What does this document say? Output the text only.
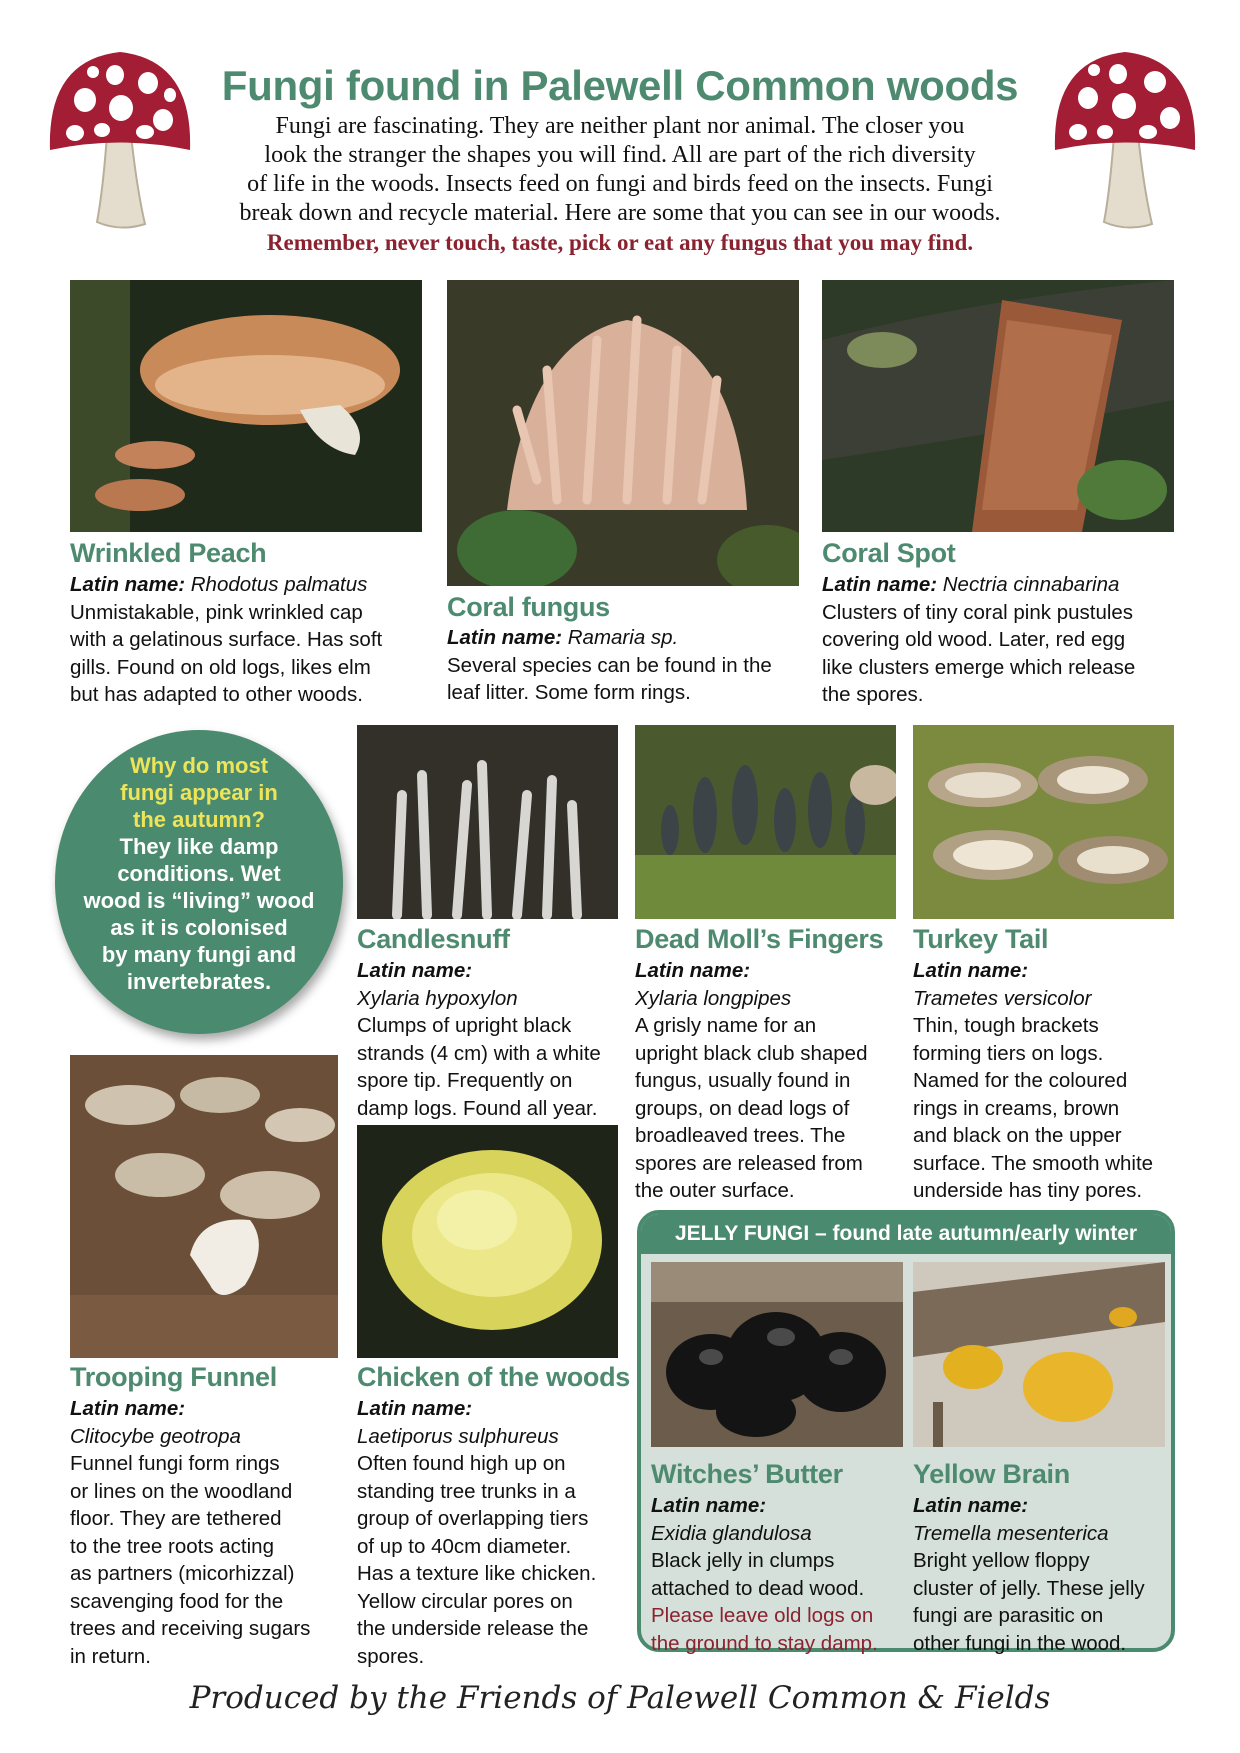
Fungi found in Palewell Common woods
Fungi are fascinating. They are neither plant nor animal. The closer you
look the stranger the shapes you will find. All are part of the rich diversity
of life in the woods. Insects feed on fungi and birds feed on the insects. Fungi
break down and recycle material. Here are some that you can see in our woods.
Remember, never touch, taste, pick or eat any fungus that you may find.
Wrinkled Peach
Latin name: Rhodotus palmatus
Unmistakable, pink wrinkled cap
with a gelatinous surface. Has soft
gills. Found on old logs, likes elm
but has adapted to other woods.
Coral fungus
Latin name: Ramaria sp.
Several species can be found in the
leaf litter. Some form rings.
Coral Spot
Latin name: Nectria cinnabarina
Clusters of tiny coral pink pustules
covering old wood. Later, red egg
like clusters emerge which release
the spores.
Why do most
fungi appear in
the autumn?
They like damp
conditions. Wet
wood is “living” wood
as it is colonised
by many fungi and
invertebrates.
Candlesnuff
Latin name:
Xylaria hypoxylon
Clumps of upright black
strands (4 cm) with a white
spore tip. Frequently on
damp logs. Found all year.
Dead Moll’s Fingers
Latin name:
Xylaria longpipes
A grisly name for an
upright black club shaped
fungus, usually found in
groups, on dead logs of
broadleaved trees. The
spores are released from
the outer surface.
Turkey Tail
Latin name:
Trametes versicolor
Thin, tough brackets
forming tiers on logs.
Named for the coloured
rings in creams, brown
and black on the upper
surface. The smooth white
underside has tiny pores.
Trooping Funnel
Latin name:
Clitocybe geotropa
Funnel fungi form rings
or lines on the woodland
floor. They are tethered
to the tree roots acting
as partners (micorhizzal)
scavenging food for the
trees and receiving sugars
in return.
Chicken of the woods
Latin name:
Laetiporus sulphureus
Often found high up on
standing tree trunks in a
group of overlapping tiers
of up to 40cm diameter.
Has a texture like chicken.
Yellow circular pores on
the underside release the
spores.
JELLY FUNGI – found late autumn/early winter
Witches’ Butter
Latin name:
Exidia glandulosa
Black jelly in clumps
attached to dead wood.
Please leave old logs on
the ground to stay damp.
Yellow Brain
Latin name:
Tremella mesenterica
Bright yellow floppy
cluster of jelly. These jelly
fungi are parasitic on
other fungi in the wood.
Produced by the Friends of Palewell Common & Fields
